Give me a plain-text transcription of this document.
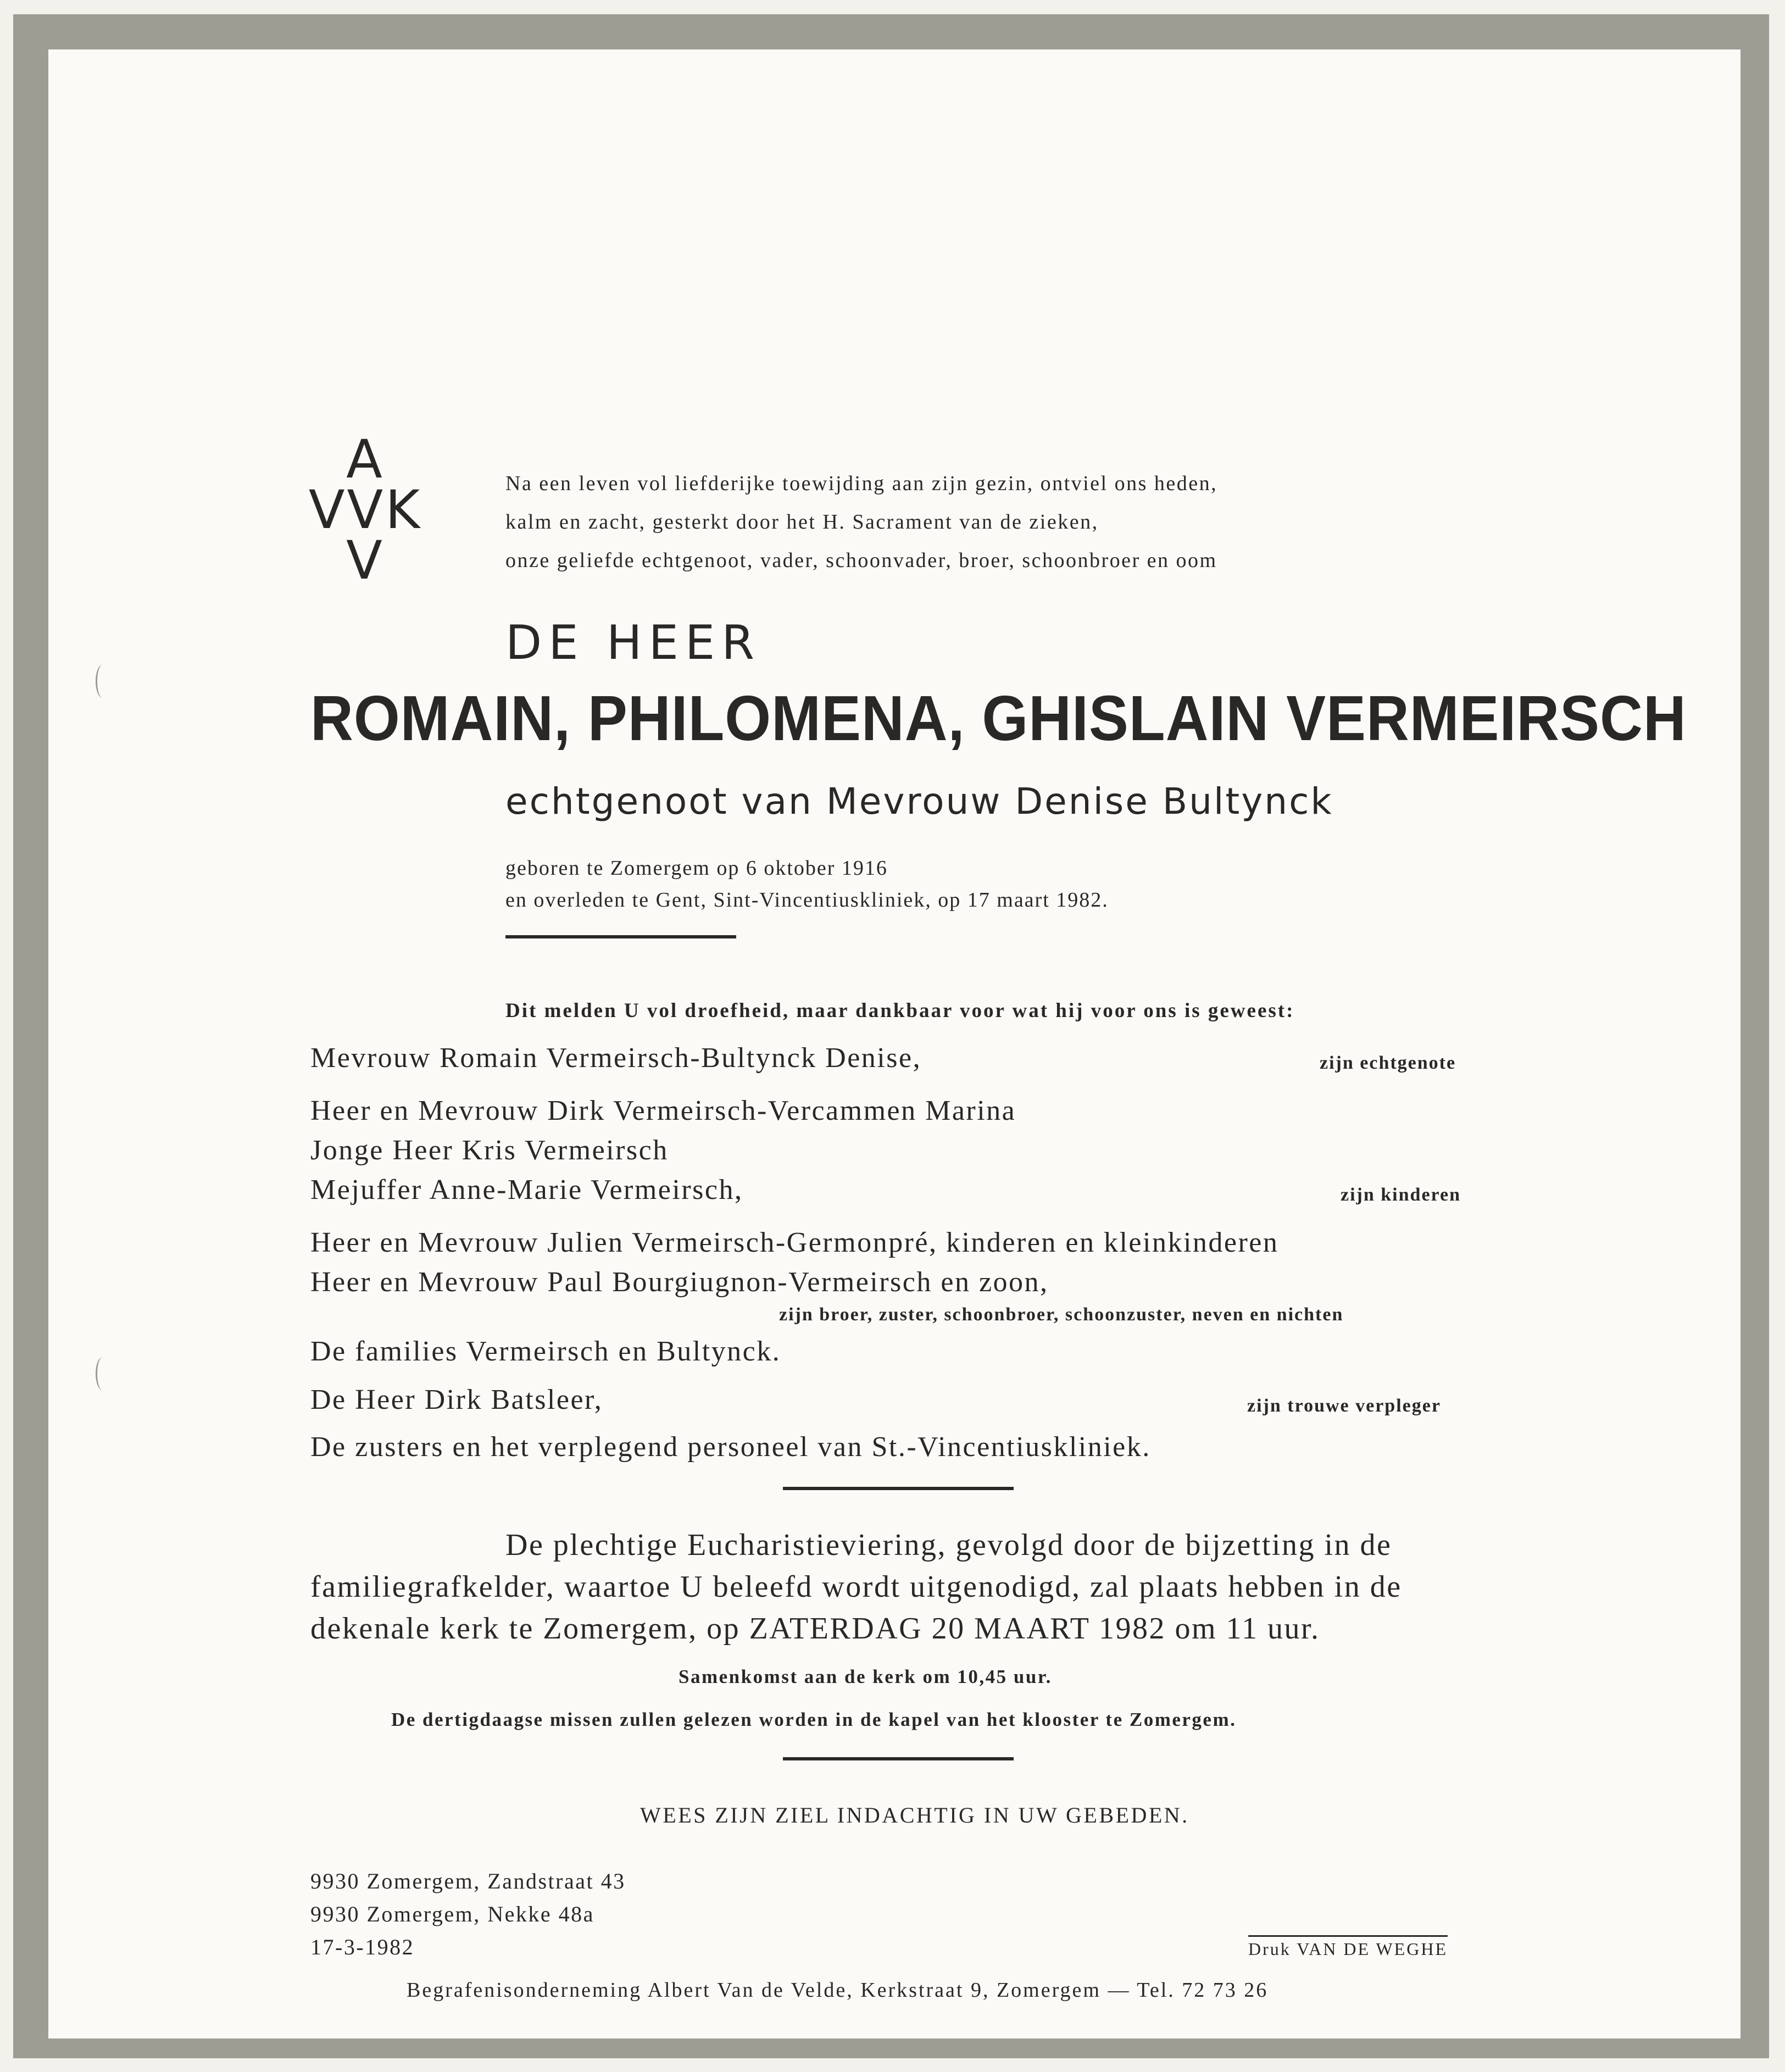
A
VVK
V
Na een leven vol liefderijke toewijding aan zijn gezin, ontviel ons heden,
kalm en zacht, gesterkt door het H. Sacrament van de zieken,
onze geliefde echtgenoot, vader, schoonvader, broer, schoonbroer en oom
DE HEER
ROMAIN, PHILOMENA, GHISLAIN VERMEIRSCH
echtgenoot van Mevrouw Denise Bultynck
geboren te Zomergem op 6 oktober 1916
en overleden te Gent, Sint-Vincentiuskliniek, op 17 maart 1982.
Dit melden U vol droefheid, maar dankbaar voor wat hij voor ons is geweest:
Mevrouw Romain Vermeirsch-Bultynck Denise,	zijn echtgenote
Heer en Mevrouw Dirk Vermeirsch-Vercammen Marina
Jonge Heer Kris Vermeirsch
Mejuffer Anne-Marie Vermeirsch,	zijn kinderen
Heer en Mevrouw Julien Vermeirsch-Germonpré, kinderen en kleinkinderen
Heer en Mevrouw Paul Bourgiugnon-Vermeirsch en zoon,
zijn broer, zuster, schoonbroer, schoonzuster, neven en nichten
De families Vermeirsch en Bultynck.
De Heer Dirk Batsleer,	zijn trouwe verpleger
De zusters en het verplegend personeel van St.-Vincentiuskliniek.
De plechtige Eucharistieviering, gevolgd door de bijzetting in de
familiegrafkelder, waartoe U beleefd wordt uitgenodigd, zal plaats hebben in de
dekenale kerk te Zomergem, op ZATERDAG 20 MAART 1982 om 11 uur.
Samenkomst aan de kerk om 10,45 uur.
De dertigdaagse missen zullen gelezen worden in de kapel van het klooster te Zomergem.
WEES ZIJN ZIEL INDACHTIG IN UW GEBEDEN.
9930 Zomergem, Zandstraat 43
9930 Zomergem, Nekke 48a
17-3-1982	Druk VAN DE WEGHE
Begrafenisonderneming Albert Van de Velde, Kerkstraat 9, Zomergem — Tel. 72 73 26
